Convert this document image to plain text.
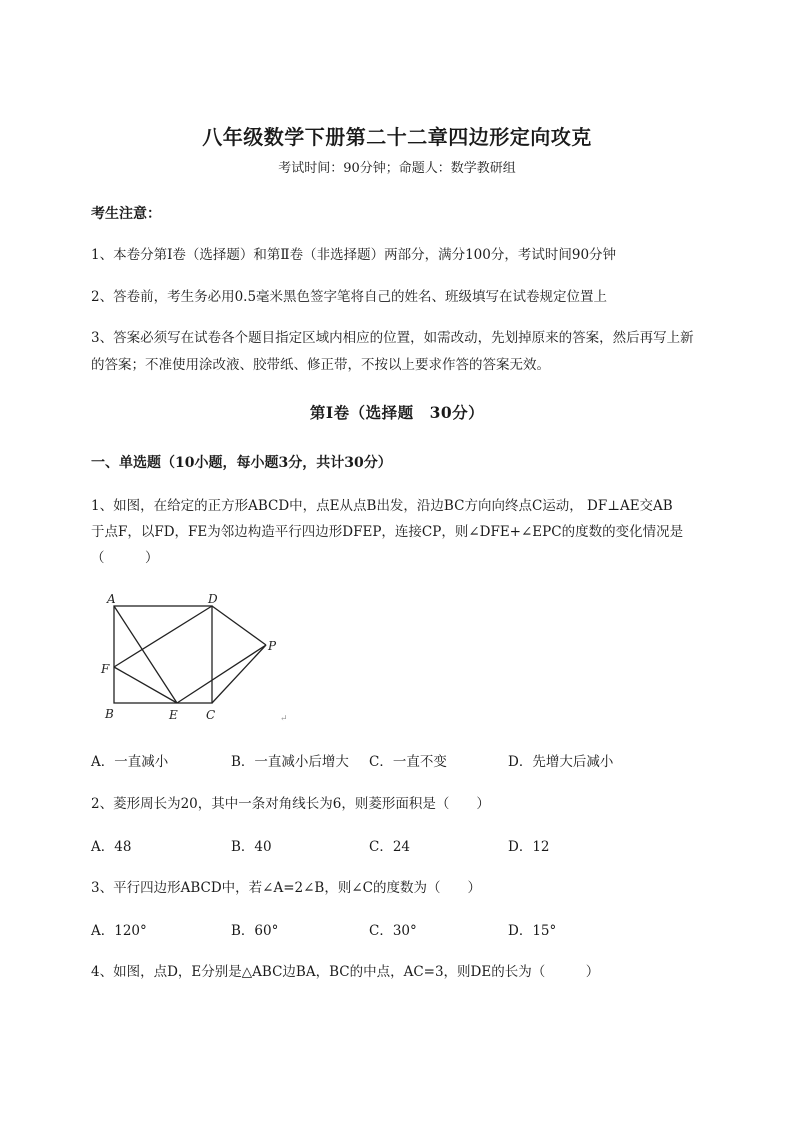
八年级数学下册第二十二章四边形定向攻克
考试时间：90分钟；命题人：数学教研组
考生注意：
1、本卷分第I卷（选择题）和第Ⅱ卷（非选择题）两部分，满分100分，考试时间90分钟
2、答卷前，考生务必用0.5毫米黑色签字笔将自己的姓名、班级填写在试卷规定位置上
3、答案必须写在试卷各个题目指定区域内相应的位置，如需改动，先划掉原来的答案，然后再写上新
的答案；不准使用涂改液、胶带纸、修正带，不按以上要求作答的答案无效。
第I卷（选择题　30分）
一、单选题（10小题，每小题3分，共计30分）
1、如图，在给定的正方形ABCD中，点E从点B出发，沿边BC方向向终点C运动， DF⊥AE交AB
于点F，以FD，FE为邻边构造平行四边形DFEP，连接CP，则∠DFE+∠EPC的度数的变化情况是
（　　　）
A	D
P
F
B	E C	↵
A．一直减小	B．一直减小后增大 C．一直不变	D．先增大后减小
2、菱形周长为20，其中一条对角线长为6，则菱形面积是（　　）
A．48	B．40	C．24	D．12
3、平行四边形ABCD中，若∠A=2∠B，则∠C的度数为（　　）
A．120°	B．60°	C．30°	D．15°
4、如图，点D，E分别是△ABC边BA，BC的中点，AC=3，则DE的长为（　　　）
